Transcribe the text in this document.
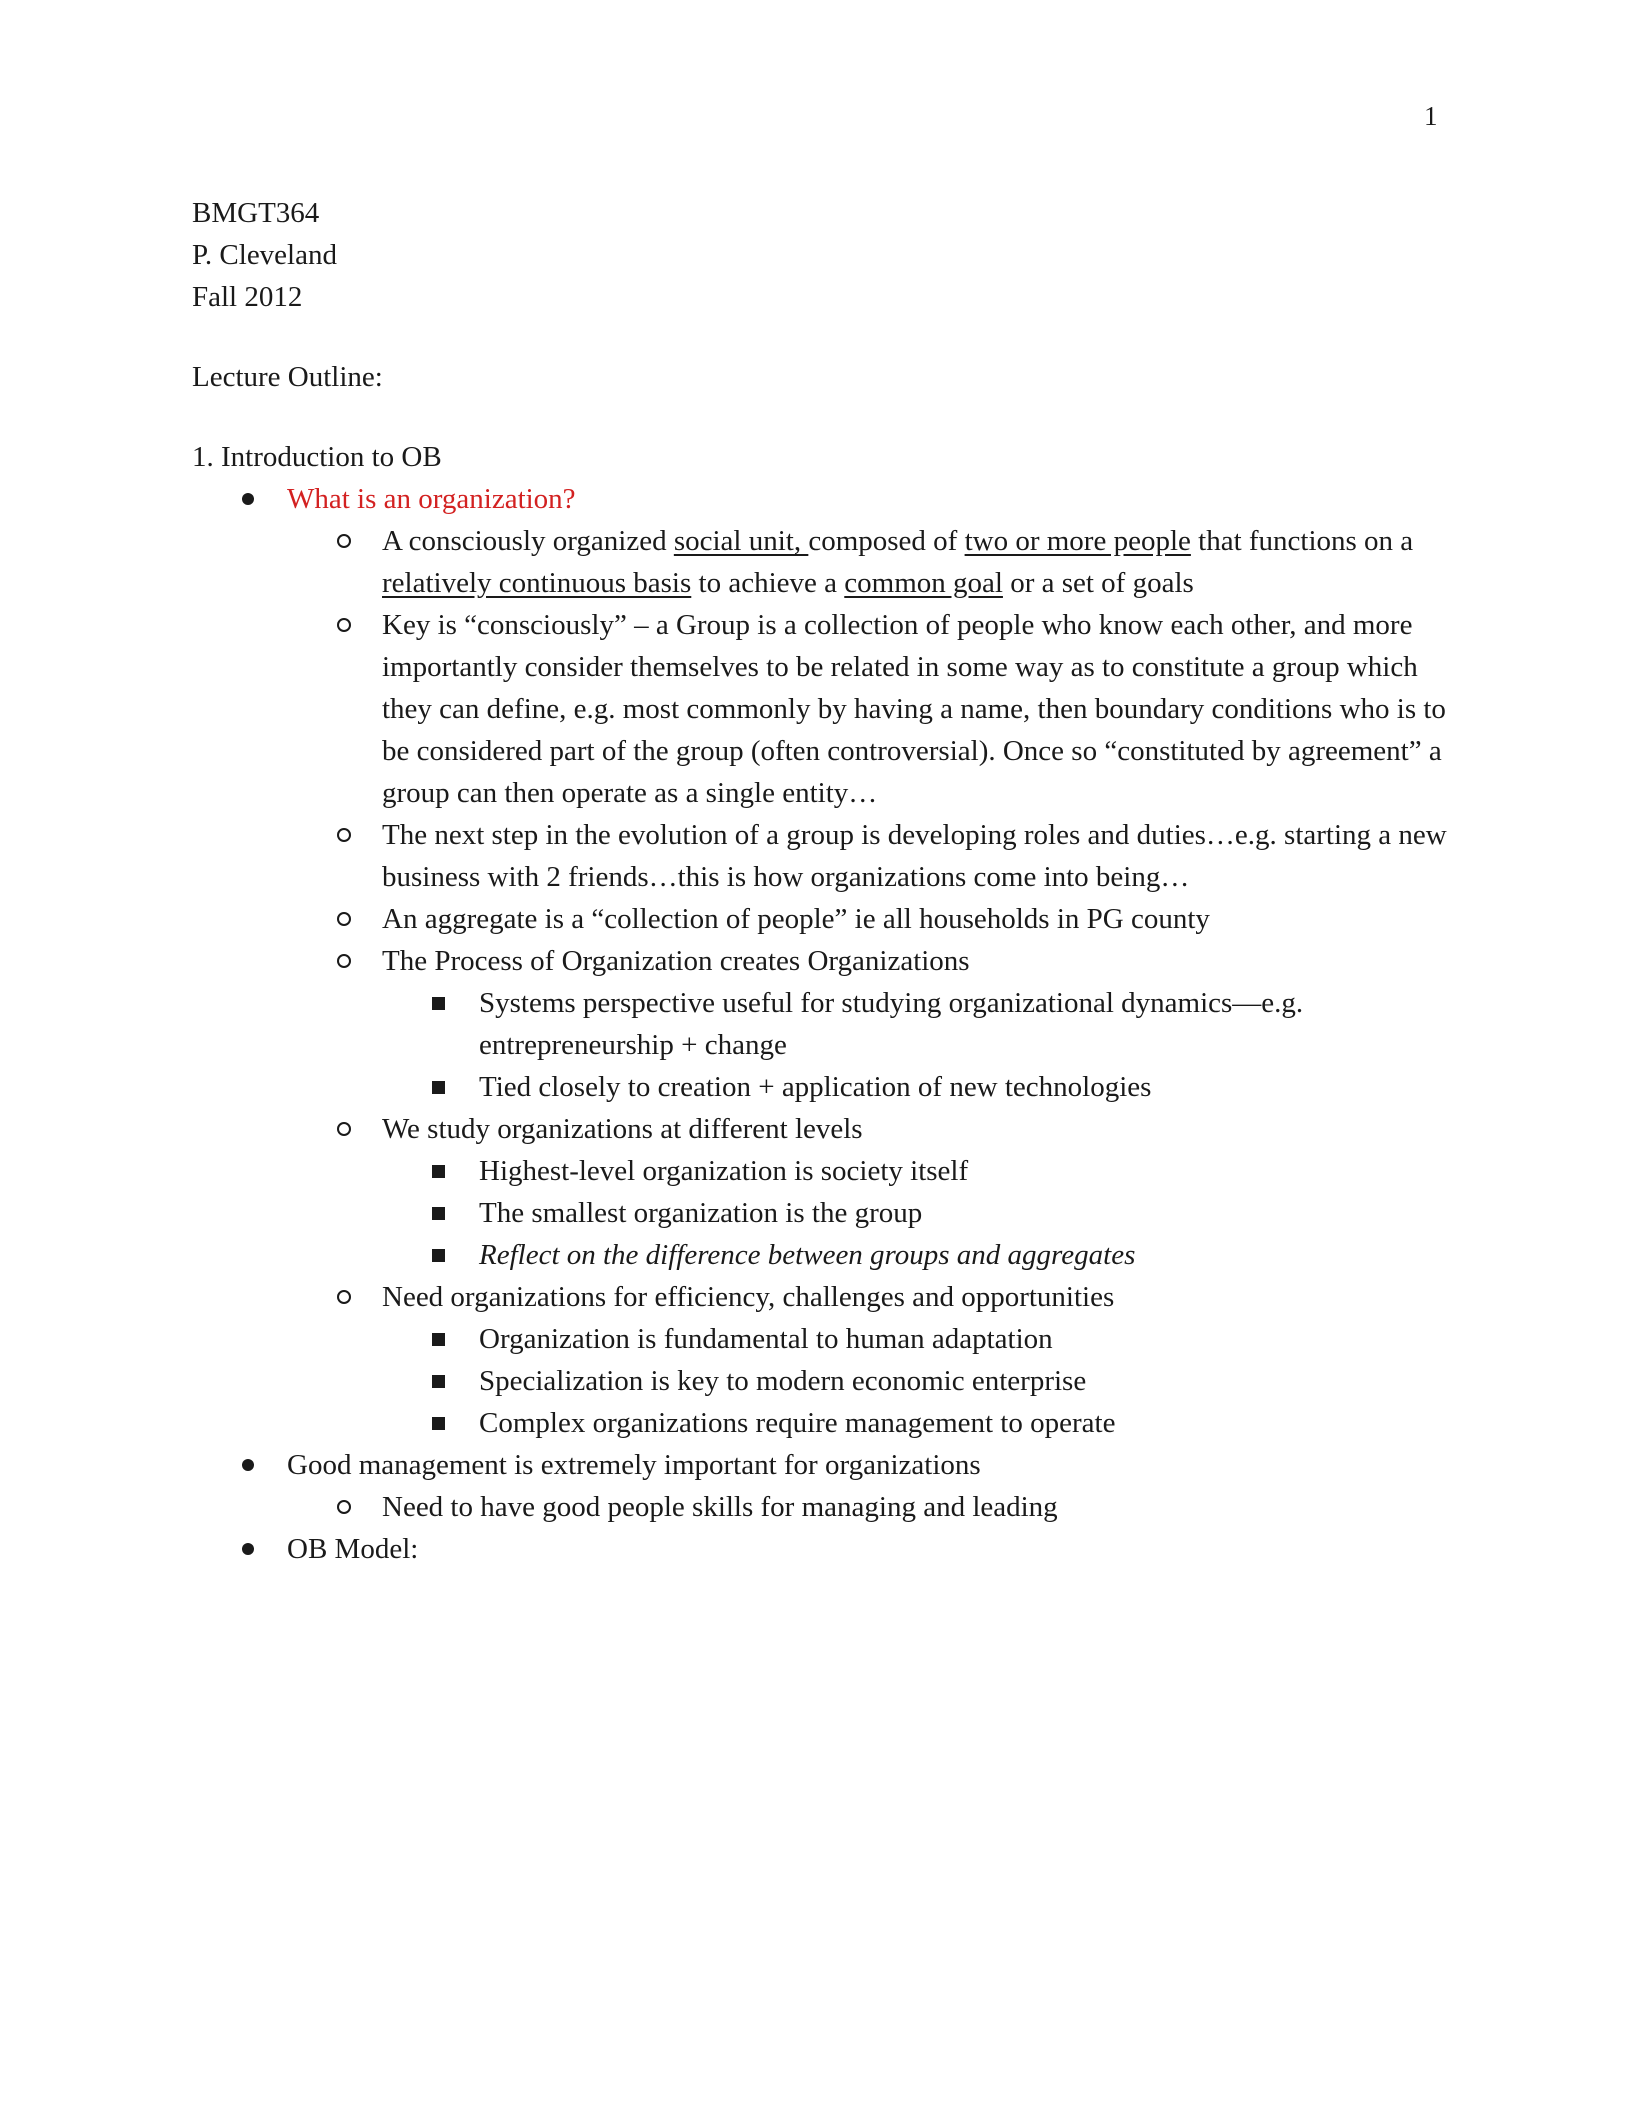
1
BMGT364
P. Cleveland
Fall 2012
Lecture Outline:
1. Introduction to OB
What is an organization?
A consciously organized social unit, composed of two or more people that functions on a relatively continuous basis to achieve a common goal or a set of goals
Key is “consciously” – a Group is a collection of people who know each other, and more importantly consider themselves to be related in some way as to constitute a group which they can define, e.g. most commonly by having a name, then boundary conditions who is to be considered part of the group (often controversial). Once so “constituted by agreement” a group can then operate as a single entity…
The next step in the evolution of a group is developing roles and duties…e.g. starting a new business with 2 friends…this is how organizations come into being…
An aggregate is a “collection of people” ie all households in PG county
The Process of Organization creates Organizations
Systems perspective useful for studying organizational dynamics—e.g. entrepreneurship + change
Tied closely to creation + application of new technologies
We study organizations at different levels
Highest-level organization is society itself
The smallest organization is the group
Reflect on the difference between groups and aggregates
Need organizations for efficiency, challenges and opportunities
Organization is fundamental to human adaptation
Specialization is key to modern economic enterprise
Complex organizations require management to operate
Good management is extremely important for organizations
Need to have good people skills for managing and leading
OB Model:
